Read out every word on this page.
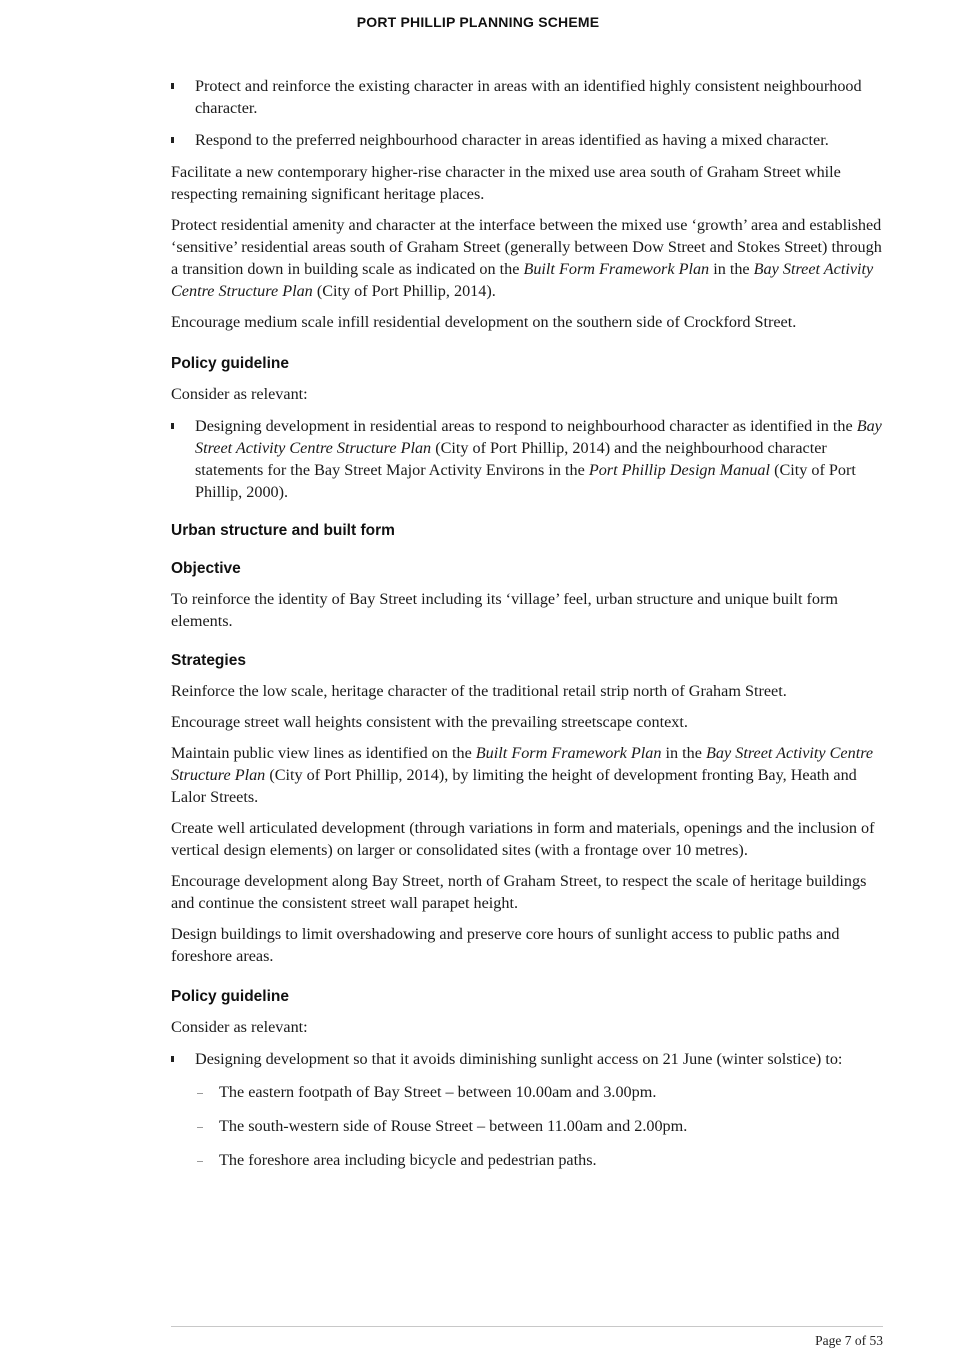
PORT PHILLIP PLANNING SCHEME
Protect and reinforce the existing character in areas with an identified highly consistent neighbourhood character.
Respond to the preferred neighbourhood character in areas identified as having a mixed character.

Facilitate a new contemporary higher-rise character in the mixed use area south of Graham Street while respecting remaining significant heritage places.

Protect residential amenity and character at the interface between the mixed use ‘growth’ area and established ‘sensitive’ residential areas south of Graham Street (generally between Dow Street and Stokes Street) through a transition down in building scale as indicated on the Built Form Framework Plan in the Bay Street Activity Centre Structure Plan (City of Port Phillip, 2014).

Encourage medium scale infill residential development on the southern side of Crockford Street.

Policy guideline

Consider as relevant:

Designing development in residential areas to respond to neighbourhood character as identified in the Bay Street Activity Centre Structure Plan (City of Port Phillip, 2014) and the neighbourhood character statements for the Bay Street Major Activity Environs in the Port Phillip Design Manual (City of Port Phillip, 2000).
Urban structure and built form
Objective

To reinforce the identity of Bay Street including its ‘village’ feel, urban structure and unique built form elements.

Strategies

Reinforce the low scale, heritage character of the traditional retail strip north of Graham Street.

Encourage street wall heights consistent with the prevailing streetscape context.

Maintain public view lines as identified on the Built Form Framework Plan in the Bay Street Activity Centre Structure Plan (City of Port Phillip, 2014), by limiting the height of development fronting Bay, Heath and Lalor Streets.

Create well articulated development (through variations in form and materials, openings and the inclusion of vertical design elements) on larger or consolidated sites (with a frontage over 10 metres).

Encourage development along Bay Street, north of Graham Street, to respect the scale of heritage buildings and continue the consistent street wall parapet height.

Design buildings to limit overshadowing and preserve core hours of sunlight access to public paths and foreshore areas.

Policy guideline

Consider as relevant:

Designing development so that it avoids diminishing sunlight access on 21 June (winter solstice) to:
The eastern footpath of Bay Street – between 10.00am and 3.00pm.
The south-western side of Rouse Street – between 11.00am and 2.00pm.
The foreshore area including bicycle and pedestrian paths.
Page 7 of 53
